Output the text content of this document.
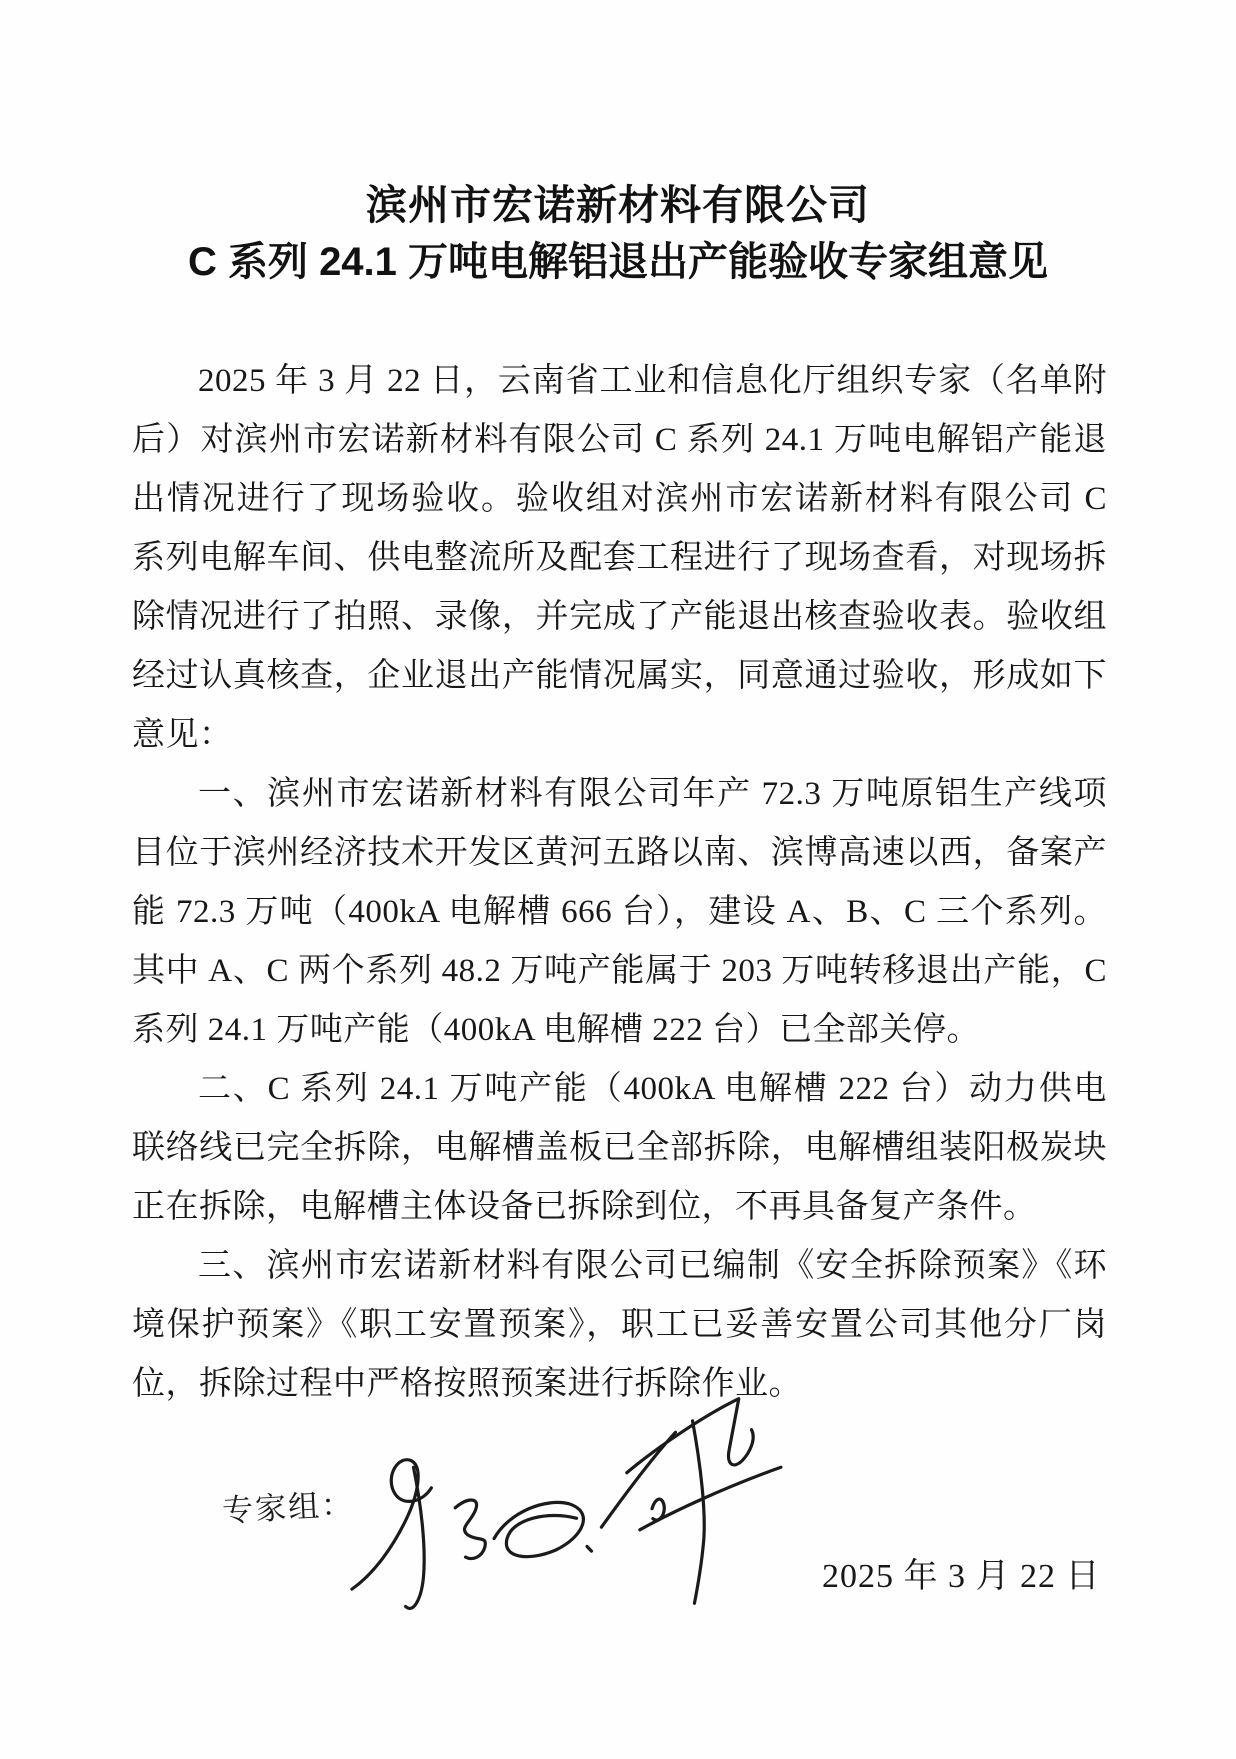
滨州市宏诺新材料有限公司
C 系列 24.1 万吨电解铝退出产能验收专家组意见

2025 年 3 月 22 日，云南省工业和信息化厅组织专家（名单附后）对滨州市宏诺新材料有限公司 C 系列 24.1 万吨电解铝产能退出情况进行了现场验收。验收组对滨州市宏诺新材料有限公司 C 系列电解车间、供电整流所及配套工程进行了现场查看，对现场拆除情况进行了拍照、录像，并完成了产能退出核查验收表。验收组经过认真核查，企业退出产能情况属实，同意通过验收，形成如下意见：

一、滨州市宏诺新材料有限公司年产 72.3 万吨原铝生产线项目位于滨州经济技术开发区黄河五路以南、滨博高速以西，备案产能 72.3 万吨（400kA 电解槽 666 台），建设 A、B、C 三个系列。其中 A、C 两个系列 48.2 万吨产能属于 203 万吨转移退出产能，C 系列 24.1 万吨产能（400kA 电解槽 222 台）已全部关停。

二、C 系列 24.1 万吨产能（400kA 电解槽 222 台）动力供电联络线已完全拆除，电解槽盖板已全部拆除，电解槽组装阳极炭块正在拆除，电解槽主体设备已拆除到位，不再具备复产条件。

三、滨州市宏诺新材料有限公司已编制《安全拆除预案》《环境保护预案》《职工安置预案》，职工已妥善安置公司其他分厂岗位，拆除过程中严格按照预案进行拆除作业。

专家组：
2025 年 3 月 22 日
